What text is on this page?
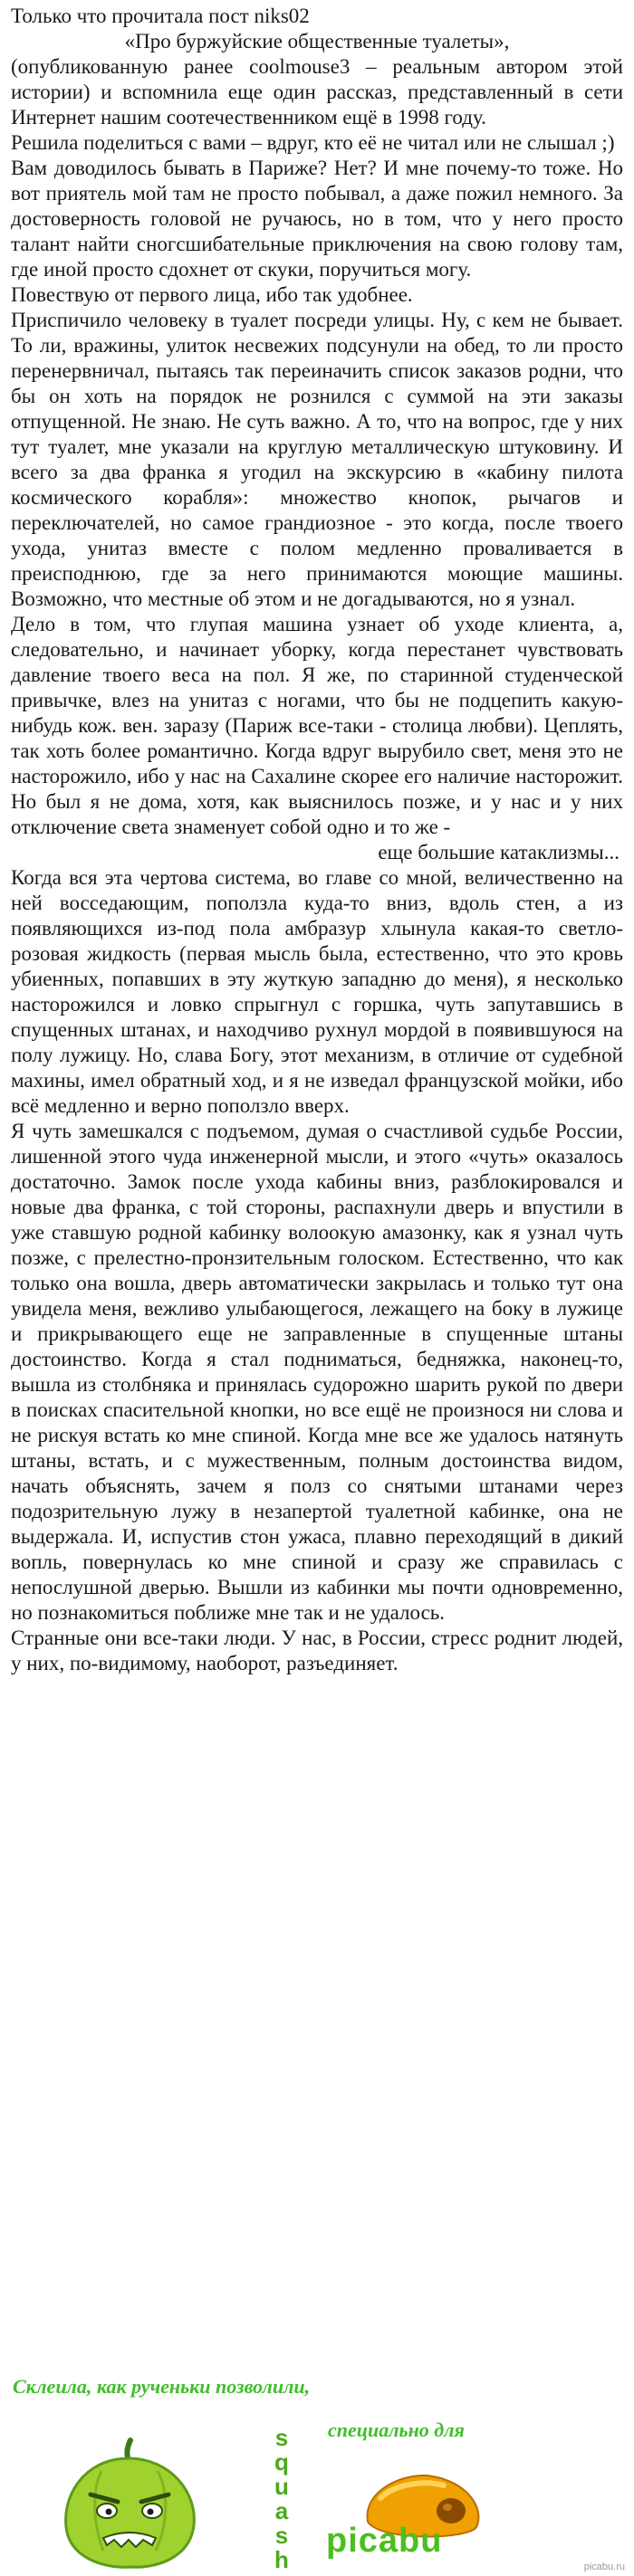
Только что прочитала пост niks02

«Про буржуйские общественные туалеты»,

(опубликованную ранее coolmouse3 – реальным автором этой истории) и вспомнила еще один рассказ, представленный в сети Интернет нашим соотечественником ещё в 1998 году.

Решила поделиться с вами – вдруг, кто её не читал или не слышал ;)

Вам доводилось бывать в Париже? Нет? И мне почему-то тоже. Но вот приятель мой там не просто побывал, а даже пожил немного. За достоверность головой не ручаюсь, но в том, что у него просто талант найти сногсшибательные приключения на свою голову там, где иной просто сдохнет от скуки, поручиться могу.

Повествую от первого лица, ибо так удобнее.

Приспичило человеку в туалет посреди улицы. Ну, с кем не бывает. То ли, вражины, улиток несвежих подсунули на обед, то ли просто перенервничал, пытаясь так переиначить список заказов родни, что бы он хоть на порядок не рознился с суммой на эти заказы отпущенной. Не знаю. Не суть важно. А то, что на вопрос, где у них тут туалет, мне указали на круглую металлическую штуковину. И всего за два франка я угодил на экскурсию в «кабину пилота космического корабля»: множество кнопок, рычагов и переключателей, но самое грандиозное - это когда, после твоего ухода, унитаз вместе с полом медленно проваливается в преисподнюю, где за него принимаются моющие машины. Возможно, что местные об этом и не догадываются, но я узнал.

Дело в том, что глупая машина узнает об уходе клиента, а, следовательно, и начинает уборку, когда перестанет чувствовать давление твоего веса на пол. Я же, по старинной студенческой привычке, влез на унитаз с ногами, что бы не подцепить какую-нибудь кож. вен. заразу (Париж все-таки - столица любви). Цеплять, так хоть более романтично. Когда вдруг вырубило свет, меня это не насторожило, ибо у нас на Сахалине скорее его наличие насторожит. Но был я не дома, хотя, как выяснилось позже, и у нас и у них отключение света знаменует собой одно и то же -

еще большие катаклизмы...

Когда вся эта чертова система, во главе со мной, величественно на ней восседающим, поползла куда-то вниз, вдоль стен, а из появляющихся из-под пола амбразур хлынула какая-то светло-розовая жидкость (первая мысль была, естественно, что это кровь убиенных, попавших в эту жуткую западню до меня), я несколько насторожился и ловко спрыгнул с горшка, чуть запутавшись в спущенных штанах, и находчиво рухнул мордой в появившуюся на полу лужицу. Но, слава Богу, этот механизм, в отличие от судебной махины, имел обратный ход, и я не изведал французской мойки, ибо всё медленно и верно поползло вверх.

Я чуть замешкался с подъемом, думая о счастливой судьбе России, лишенной этого чуда инженерной мысли, и этого «чуть» оказалось достаточно. Замок после ухода кабины вниз, разблокировался и новые два франка, с той стороны, распахнули дверь и впустили в уже ставшую родной кабинку волоокую амазонку, как я узнал чуть позже, с прелестно-пронзительным голоском. Естественно, что как только она вошла, дверь автоматически закрылась и только тут она увидела меня, вежливо улыбающегося, лежащего на боку в лужице и прикрывающего еще не заправленные в спущенные штаны достоинство. Когда я стал подниматься, бедняжка, наконец-то, вышла из столбняка и принялась судорожно шарить рукой по двери в поисках спасительной кнопки, но все ещё не произнося ни слова и не рискуя встать ко мне спиной. Когда мне все же удалось натянуть штаны, встать, и с мужественным, полным достоинства видом, начать объяснять, зачем я полз со снятыми штанами через подозрительную лужу в незапертой туалетной кабинке, она не выдержала. И, испустив стон ужаса, плавно переходящий в дикий вопль, повернулась ко мне спиной и сразу же справилась с непослушной дверью. Вышли из кабинки мы почти одновременно, но познакомиться поближе мне так и не удалось.

Странные они все-таки люди. У нас, в России, стресс роднит людей, у них, по-видимому, наоборот, разъединяет.

Склеила, как рученьки позволили,
специально для
s
q
u
a
s
h picabu
picabu.ru
